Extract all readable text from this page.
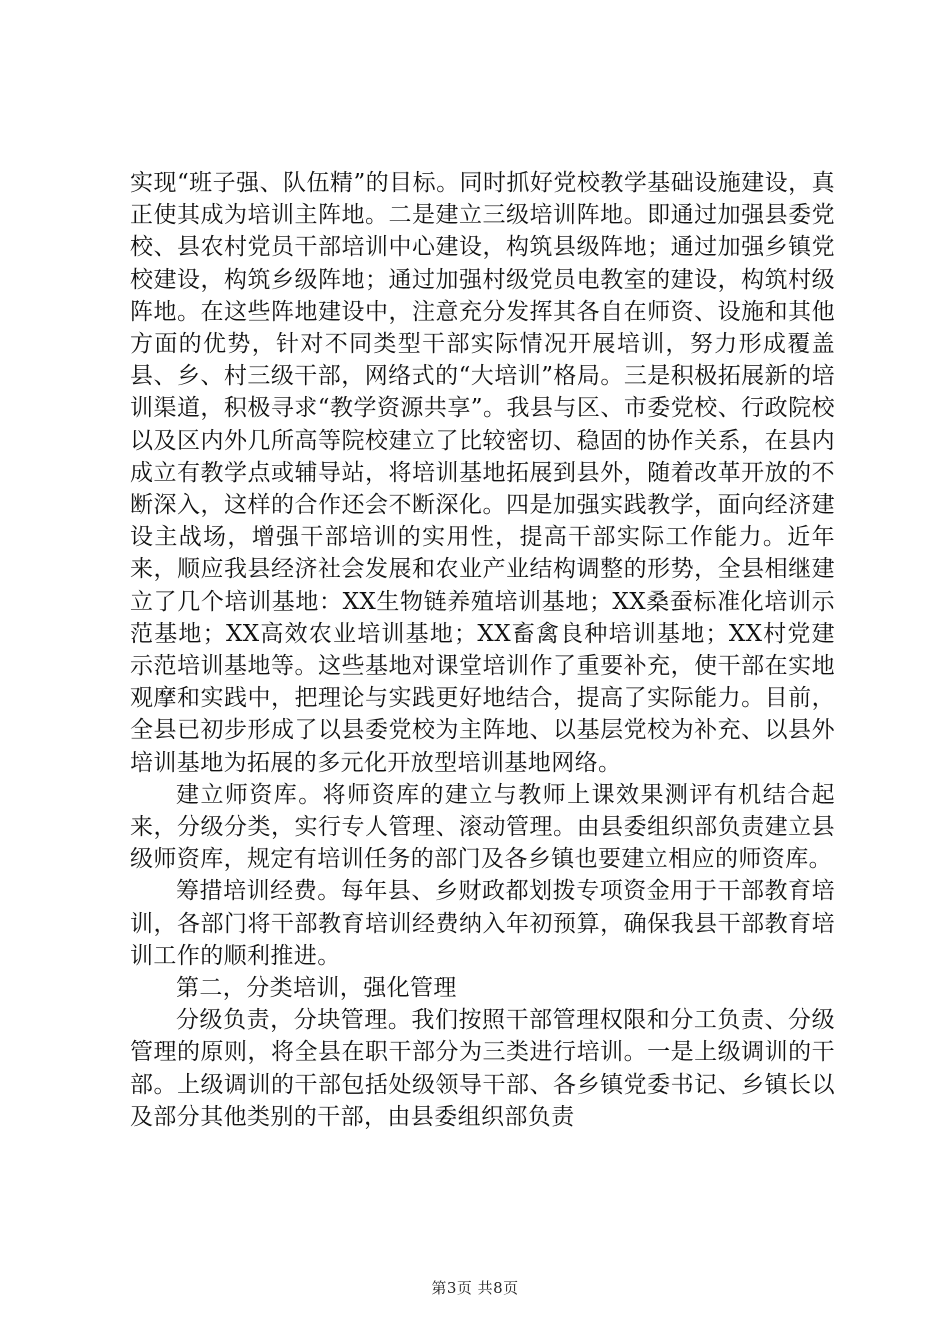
实现“班子强、队伍精”的目标。同时抓好党校教学基础设施建设，真正使其成为培训主阵地。二是建立三级培训阵地。即通过加强县委党校、县农村党员干部培训中心建设，构筑县级阵地；通过加强乡镇党校建设，构筑乡级阵地；通过加强村级党员电教室的建设，构筑村级阵地。在这些阵地建设中，注意充分发挥其各自在师资、设施和其他方面的优势，针对不同类型干部实际情况开展培训，努力形成覆盖县、乡、村三级干部，网络式的“大培训”格局。三是积极拓展新的培训渠道，积极寻求“教学资源共享”。我县与区、市委党校、行政院校以及区内外几所高等院校建立了比较密切、稳固的协作关系，在县内成立有教学点或辅导站，将培训基地拓展到县外，随着改革开放的不断深入，这样的合作还会不断深化。四是加强实践教学，面向经济建设主战场，增强干部培训的实用性，提高干部实际工作能力。近年来，顺应我县经济社会发展和农业产业结构调整的形势，全县相继建立了几个培训基地：XX生物链养殖培训基地；XX桑蚕标准化培训示范基地；XX高效农业培训基地；XX畜禽良种培训基地；XX村党建示范培训基地等。这些基地对课堂培训作了重要补充，使干部在实地观摩和实践中，把理论与实践更好地结合，提高了实际能力。目前，全县已初步形成了以县委党校为主阵地、以基层党校为补充、以县外培训基地为拓展的多元化开放型培训基地网络。

建立师资库。将师资库的建立与教师上课效果测评有机结合起来，分级分类，实行专人管理、滚动管理。由县委组织部负责建立县级师资库，规定有培训任务的部门及各乡镇也要建立相应的师资库。

筹措培训经费。每年县、乡财政都划拨专项资金用于干部教育培训，各部门将干部教育培训经费纳入年初预算，确保我县干部教育培训工作的顺利推进。

第二，分类培训，强化管理

分级负责，分块管理。我们按照干部管理权限和分工负责、分级管理的原则，将全县在职干部分为三类进行培训。一是上级调训的干部。上级调训的干部包括处级领导干部、各乡镇党委书记、乡镇长以及部分其他类别的干部，由县委组织部负责

第3页 共8页
